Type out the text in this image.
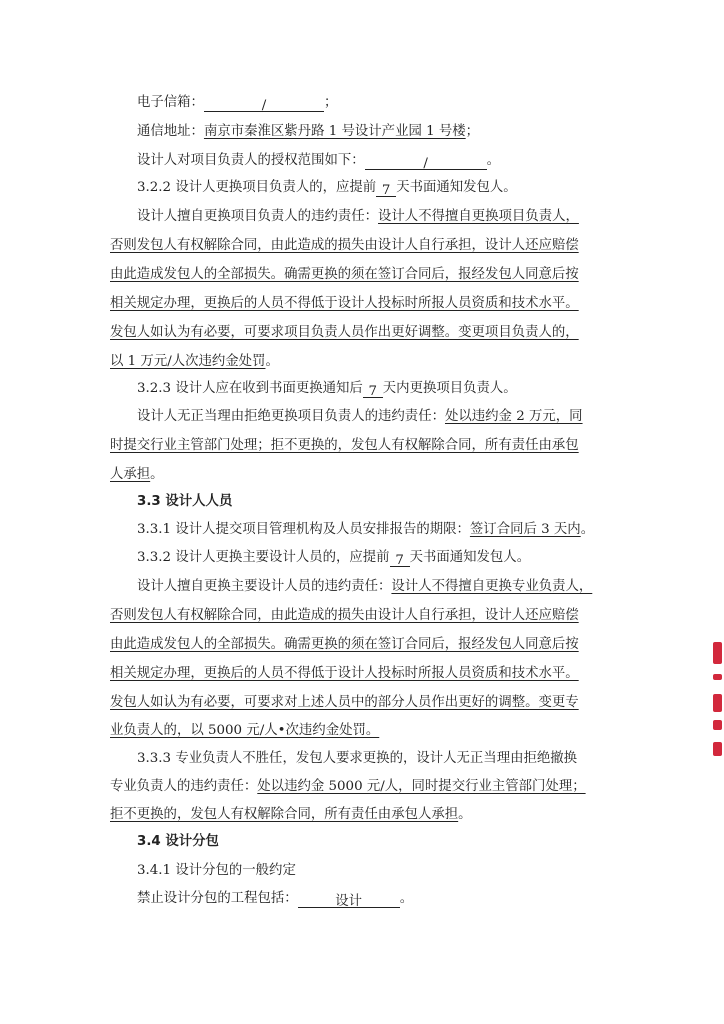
电子信箱：	/	；
通信地址：南京市秦淮区紫丹路 1 号设计产业园 1 号楼；
设计人对项目负责人的授权范围如下：	/	。
3.2.2 设计人更换项目负责人的，应提前 7 天书面通知发包人。
设计人擅自更换项目负责人的违约责任：设计人不得擅自更换项目负责人，
否则发包人有权解除合同，由此造成的损失由设计人自行承担，设计人还应赔偿
由此造成发包人的全部损失。确需更换的须在签订合同后，报经发包人同意后按
相关规定办理，更换后的人员不得低于设计人投标时所报人员资质和技术水平。
发包人如认为有必要，可要求项目负责人员作出更好调整。变更项目负责人的，
以 1 万元/人次违约金处罚。
3.2.3 设计人应在收到书面更换通知后 7 天内更换项目负责人。
设计人无正当理由拒绝更换项目负责人的违约责任：处以违约金 2 万元，同
时提交行业主管部门处理；拒不更换的，发包人有权解除合同，所有责任由承包
人承担。
3.3 设计人人员
3.3.1 设计人提交项目管理机构及人员安排报告的期限：签订合同后 3 天内。
3.3.2 设计人更换主要设计人员的，应提前 7 天书面通知发包人。
设计人擅自更换主要设计人员的违约责任：设计人不得擅自更换专业负责人，
否则发包人有权解除合同，由此造成的损失由设计人自行承担，设计人还应赔偿
由此造成发包人的全部损失。确需更换的须在签订合同后，报经发包人同意后按
相关规定办理，更换后的人员不得低于设计人投标时所报人员资质和技术水平。
发包人如认为有必要，可要求对上述人员中的部分人员作出更好的调整。变更专
业负责人的，以 5000 元/人•次违约金处罚。
3.3.3 专业负责人不胜任，发包人要求更换的，设计人无正当理由拒绝撤换
专业负责人的违约责任：处以违约金 5000 元/人，同时提交行业主管部门处理；
拒不更换的，发包人有权解除合同，所有责任由承包人承担。
3.4 设计分包
3.4.1 设计分包的一般约定
禁止设计分包的工程包括：	设计	。
